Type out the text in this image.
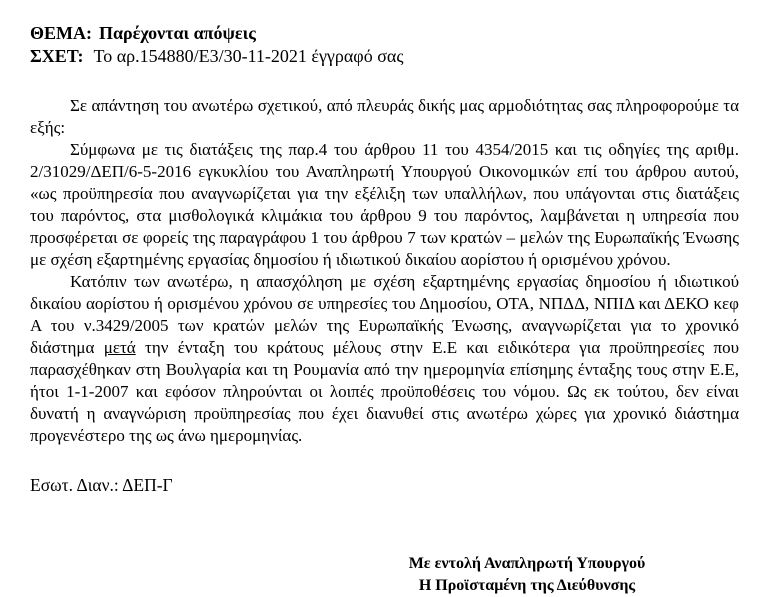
ΘΕΜΑ: Παρέχονται απόψεις
ΣΧΕΤ: Το αρ.154880/Ε3/30-11-2021 έγγραφό σας

Σε απάντηση του ανωτέρω σχετικού, από πλευράς δικής μας αρμοδιότητας σας πληροφορούμε τα εξής:

Σύμφωνα με τις διατάξεις της παρ.4 του άρθρου 11 του 4354/2015 και τις οδηγίες της αριθμ. 2/31029/ΔΕΠ/6-5-2016 εγκυκλίου του Αναπληρωτή Υπουργού Οικονομικών επί του άρθρου αυτού, «ως προϋπηρεσία που αναγνωρίζεται για την εξέλιξη των υπαλλήλων, που υπάγονται στις διατάξεις του παρόντος, στα μισθολογικά κλιμάκια του άρθρου 9 του παρόντος, λαμβάνεται η υπηρεσία που προσφέρεται σε φορείς της παραγράφου 1 του άρθρου 7 των κρατών – μελών της Ευρωπαϊκής Ένωσης με σχέση εξαρτημένης εργασίας δημοσίου ή ιδιωτικού δικαίου αορίστου ή ορισμένου χρόνου.

Κατόπιν των ανωτέρω, η απασχόληση με σχέση εξαρτημένης εργασίας δημοσίου ή ιδιωτικού δικαίου αορίστου ή ορισμένου χρόνου σε υπηρεσίες του Δημοσίου, ΟΤΑ, ΝΠΔΔ, ΝΠΙΔ και ΔΕΚΟ κεφ Α του ν.3429/2005 των κρατών μελών της Ευρωπαϊκής Ένωσης, αναγνωρίζεται για το χρονικό διάστημα μετά την ένταξη του κράτους μέλους στην Ε.Ε και ειδικότερα για προϋπηρεσίες που παρασχέθηκαν στη Βουλγαρία και τη Ρουμανία από την ημερομηνία επίσημης ένταξης τους στην Ε.Ε, ήτοι 1-1-2007 και εφόσον πληρούνται οι λοιπές προϋποθέσεις του νόμου. Ως εκ τούτου, δεν είναι δυνατή η αναγνώριση προϋπηρεσίας που έχει διανυθεί στις ανωτέρω χώρες για χρονικό διάστημα προγενέστερο της ως άνω ημερομηνίας.

Εσωτ. Διαν.: ΔΕΠ-Γ
Με εντολή Αναπληρωτή Υπουργού
Η Προϊσταμένη της Διεύθυνσης
